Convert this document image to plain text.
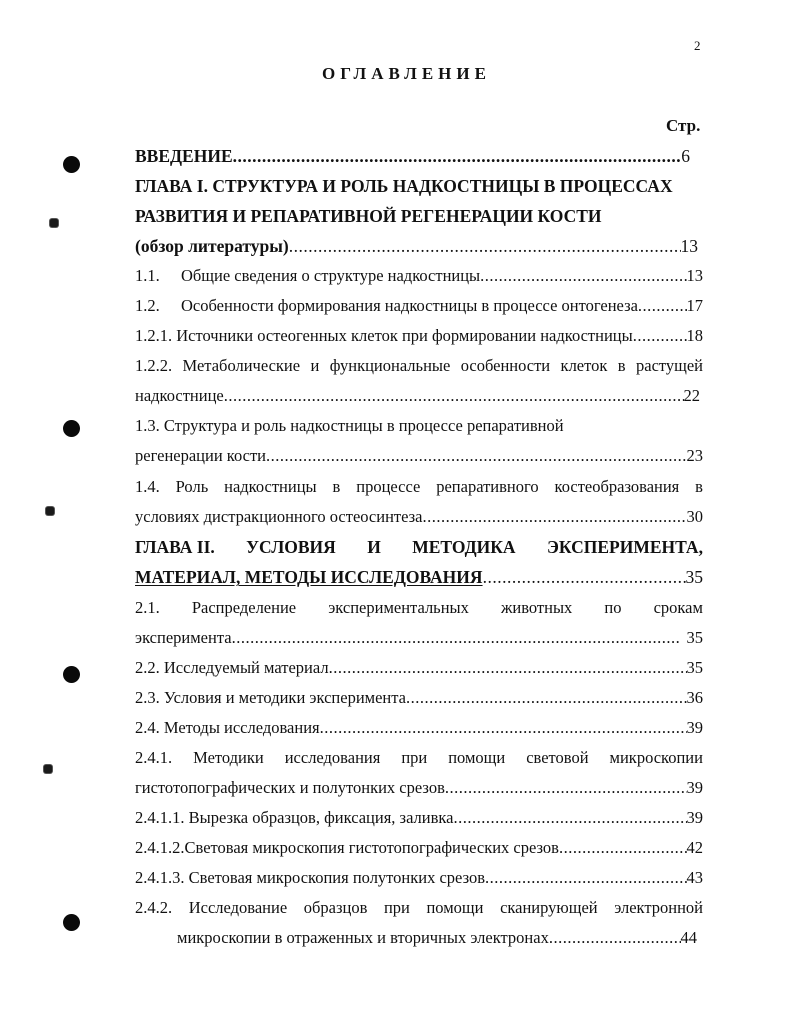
2
ОГЛАВЛЕНИЕ
Стр.
ВВЕДЕНИЕ .....	6
ГЛАВА I. СТРУКТУРА И РОЛЬ НАДКОСТНИЦЫ В ПРОЦЕССАХ
РАЗВИТИЯ И РЕПАРАТИВНОЙ РЕГЕНЕРАЦИИ КОСТИ
(обзор литературы) .....	13
1.1.	Общие сведения о структуре надкостницы .....	13
1.2.	Особенности формирования надкостницы в процессе онтогенеза .....	17
1.2.1. Источники остеогенных клеток при формировании надкостницы .....	18
1.2.2. Метаболические и функциональные особенности клеток в растущей
надкостнице .....	22
1.3. Структура и роль надкостницы в процессе репаративной
регенерации кости .....	23
1.4. Роль надкостницы в процессе репаративного костеобразования в
условиях дистракционного остеосинтеза .....	30
ГЛАВА II. УСЛОВИЯ И МЕТОДИКА ЭКСПЕРИМЕНТА,
МАТЕРИАЛ, МЕТОДЫ ИССЛЕДОВАНИЯ .....	35
2.1. Распределение экспериментальных животных по срокам
эксперимента .....	35
2.2. Исследуемый материал .....	35
2.3. Условия и методики эксперимента .....	36
2.4. Методы исследования .....	39
2.4.1. Методики исследования при помощи световой микроскопии
гистотопографических и полутонких срезов .....	39
2.4.1.1. Вырезка образцов, фиксация, заливка .....	39
2.4.1.2.Световая микроскопия гистотопографических срезов .....	42
2.4.1.3. Световая микроскопия полутонких срезов .....	43
2.4.2. Исследование образцов при помощи сканирующей электронной
микроскопии в отраженных и вторичных электронах .....	44
